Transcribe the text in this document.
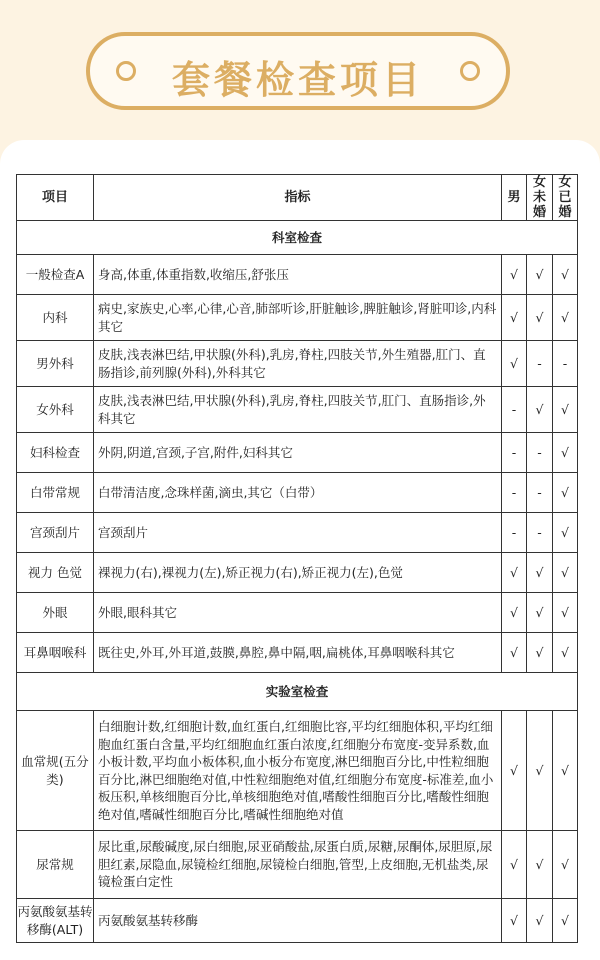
套餐检查项目
项目	指标	男	女未婚	女已婚
科室检查				
一般检查A	身高,体重,体重指数,收缩压,舒张压	√	√	√
内科	病史,家族史,心率,心律,心音,肺部听诊,肝脏触诊,脾脏触诊,肾脏叩诊,内科其它	√	√	√
男外科	皮肤,浅表淋巴结,甲状腺(外科),乳房,脊柱,四肢关节,外生殖器,肛门、直肠指诊,前列腺(外科),外科其它	√	-	-
女外科	皮肤,浅表淋巴结,甲状腺(外科),乳房,脊柱,四肢关节,肛门、直肠指诊,外科其它	-	√	√
妇科检查	外阴,阴道,宫颈,子宫,附件,妇科其它	-	-	√
白带常规	白带清洁度,念珠样菌,滴虫,其它（白带）	-	-	√
宫颈刮片	宫颈刮片	-	-	√
视力 色觉	裸视力(右),裸视力(左),矫正视力(右),矫正视力(左),色觉	√	√	√
外眼	外眼,眼科其它	√	√	√
耳鼻咽喉科	既往史,外耳,外耳道,鼓膜,鼻腔,鼻中隔,咽,扁桃体,耳鼻咽喉科其它	√	√	√
实验室检查				
血常规(五分类)	白细胞计数,红细胞计数,血红蛋白,红细胞比容,平均红细胞体积,平均红细胞血红蛋白含量,平均红细胞血红蛋白浓度,红细胞分布宽度-变异系数,血小板计数,平均血小板体积,血小板分布宽度,淋巴细胞百分比,中性粒细胞百分比,淋巴细胞绝对值,中性粒细胞绝对值,红细胞分布宽度-标准差,血小板压积,单核细胞百分比,单核细胞绝对值,嗜酸性细胞百分比,嗜酸性细胞绝对值,嗜碱性细胞百分比,嗜碱性细胞绝对值	√	√	√
尿常规	尿比重,尿酸碱度,尿白细胞,尿亚硝酸盐,尿蛋白质,尿糖,尿酮体,尿胆原,尿胆红素,尿隐血,尿镜检红细胞,尿镜检白细胞,管型,上皮细胞,无机盐类,尿镜检蛋白定性	√	√	√
丙氨酸氨基转移酶(ALT)	丙氨酸氨基转移酶	√	√	√
